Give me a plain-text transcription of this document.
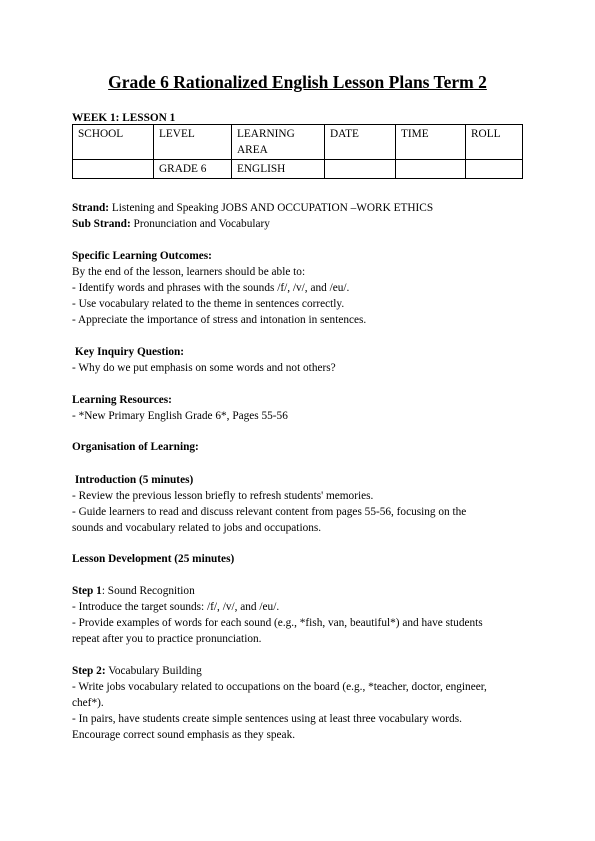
Grade 6 Rationalized English Lesson Plans Term 2
WEEK 1: LESSON 1
SCHOOL	LEVEL	LEARNING AREA	DATE	TIME	ROLL
	GRADE 6	ENGLISH			
Strand: Listening and Speaking JOBS AND OCCUPATION –WORK ETHICS
Sub Strand: Pronunciation and Vocabulary
Specific Learning Outcomes:
By the end of the lesson, learners should be able to:
- Identify words and phrases with the sounds /f/, /v/, and /eu/.
- Use vocabulary related to the theme in sentences correctly.
- Appreciate the importance of stress and intonation in sentences.
Key Inquiry Question:
- Why do we put emphasis on some words and not others?
Learning Resources:
- *New Primary English Grade 6*, Pages 55-56
Organisation of Learning:
Introduction (5 minutes)
- Review the previous lesson briefly to refresh students' memories.
- Guide learners to read and discuss relevant content from pages 55-56, focusing on the
sounds and vocabulary related to jobs and occupations.
Lesson Development (25 minutes)
Step 1: Sound Recognition
- Introduce the target sounds: /f/, /v/, and /eu/.
- Provide examples of words for each sound (e.g., *fish, van, beautiful*) and have students
repeat after you to practice pronunciation.
Step 2: Vocabulary Building
- Write jobs vocabulary related to occupations on the board (e.g., *teacher, doctor, engineer,
chef*).
- In pairs, have students create simple sentences using at least three vocabulary words.
Encourage correct sound emphasis as they speak.
